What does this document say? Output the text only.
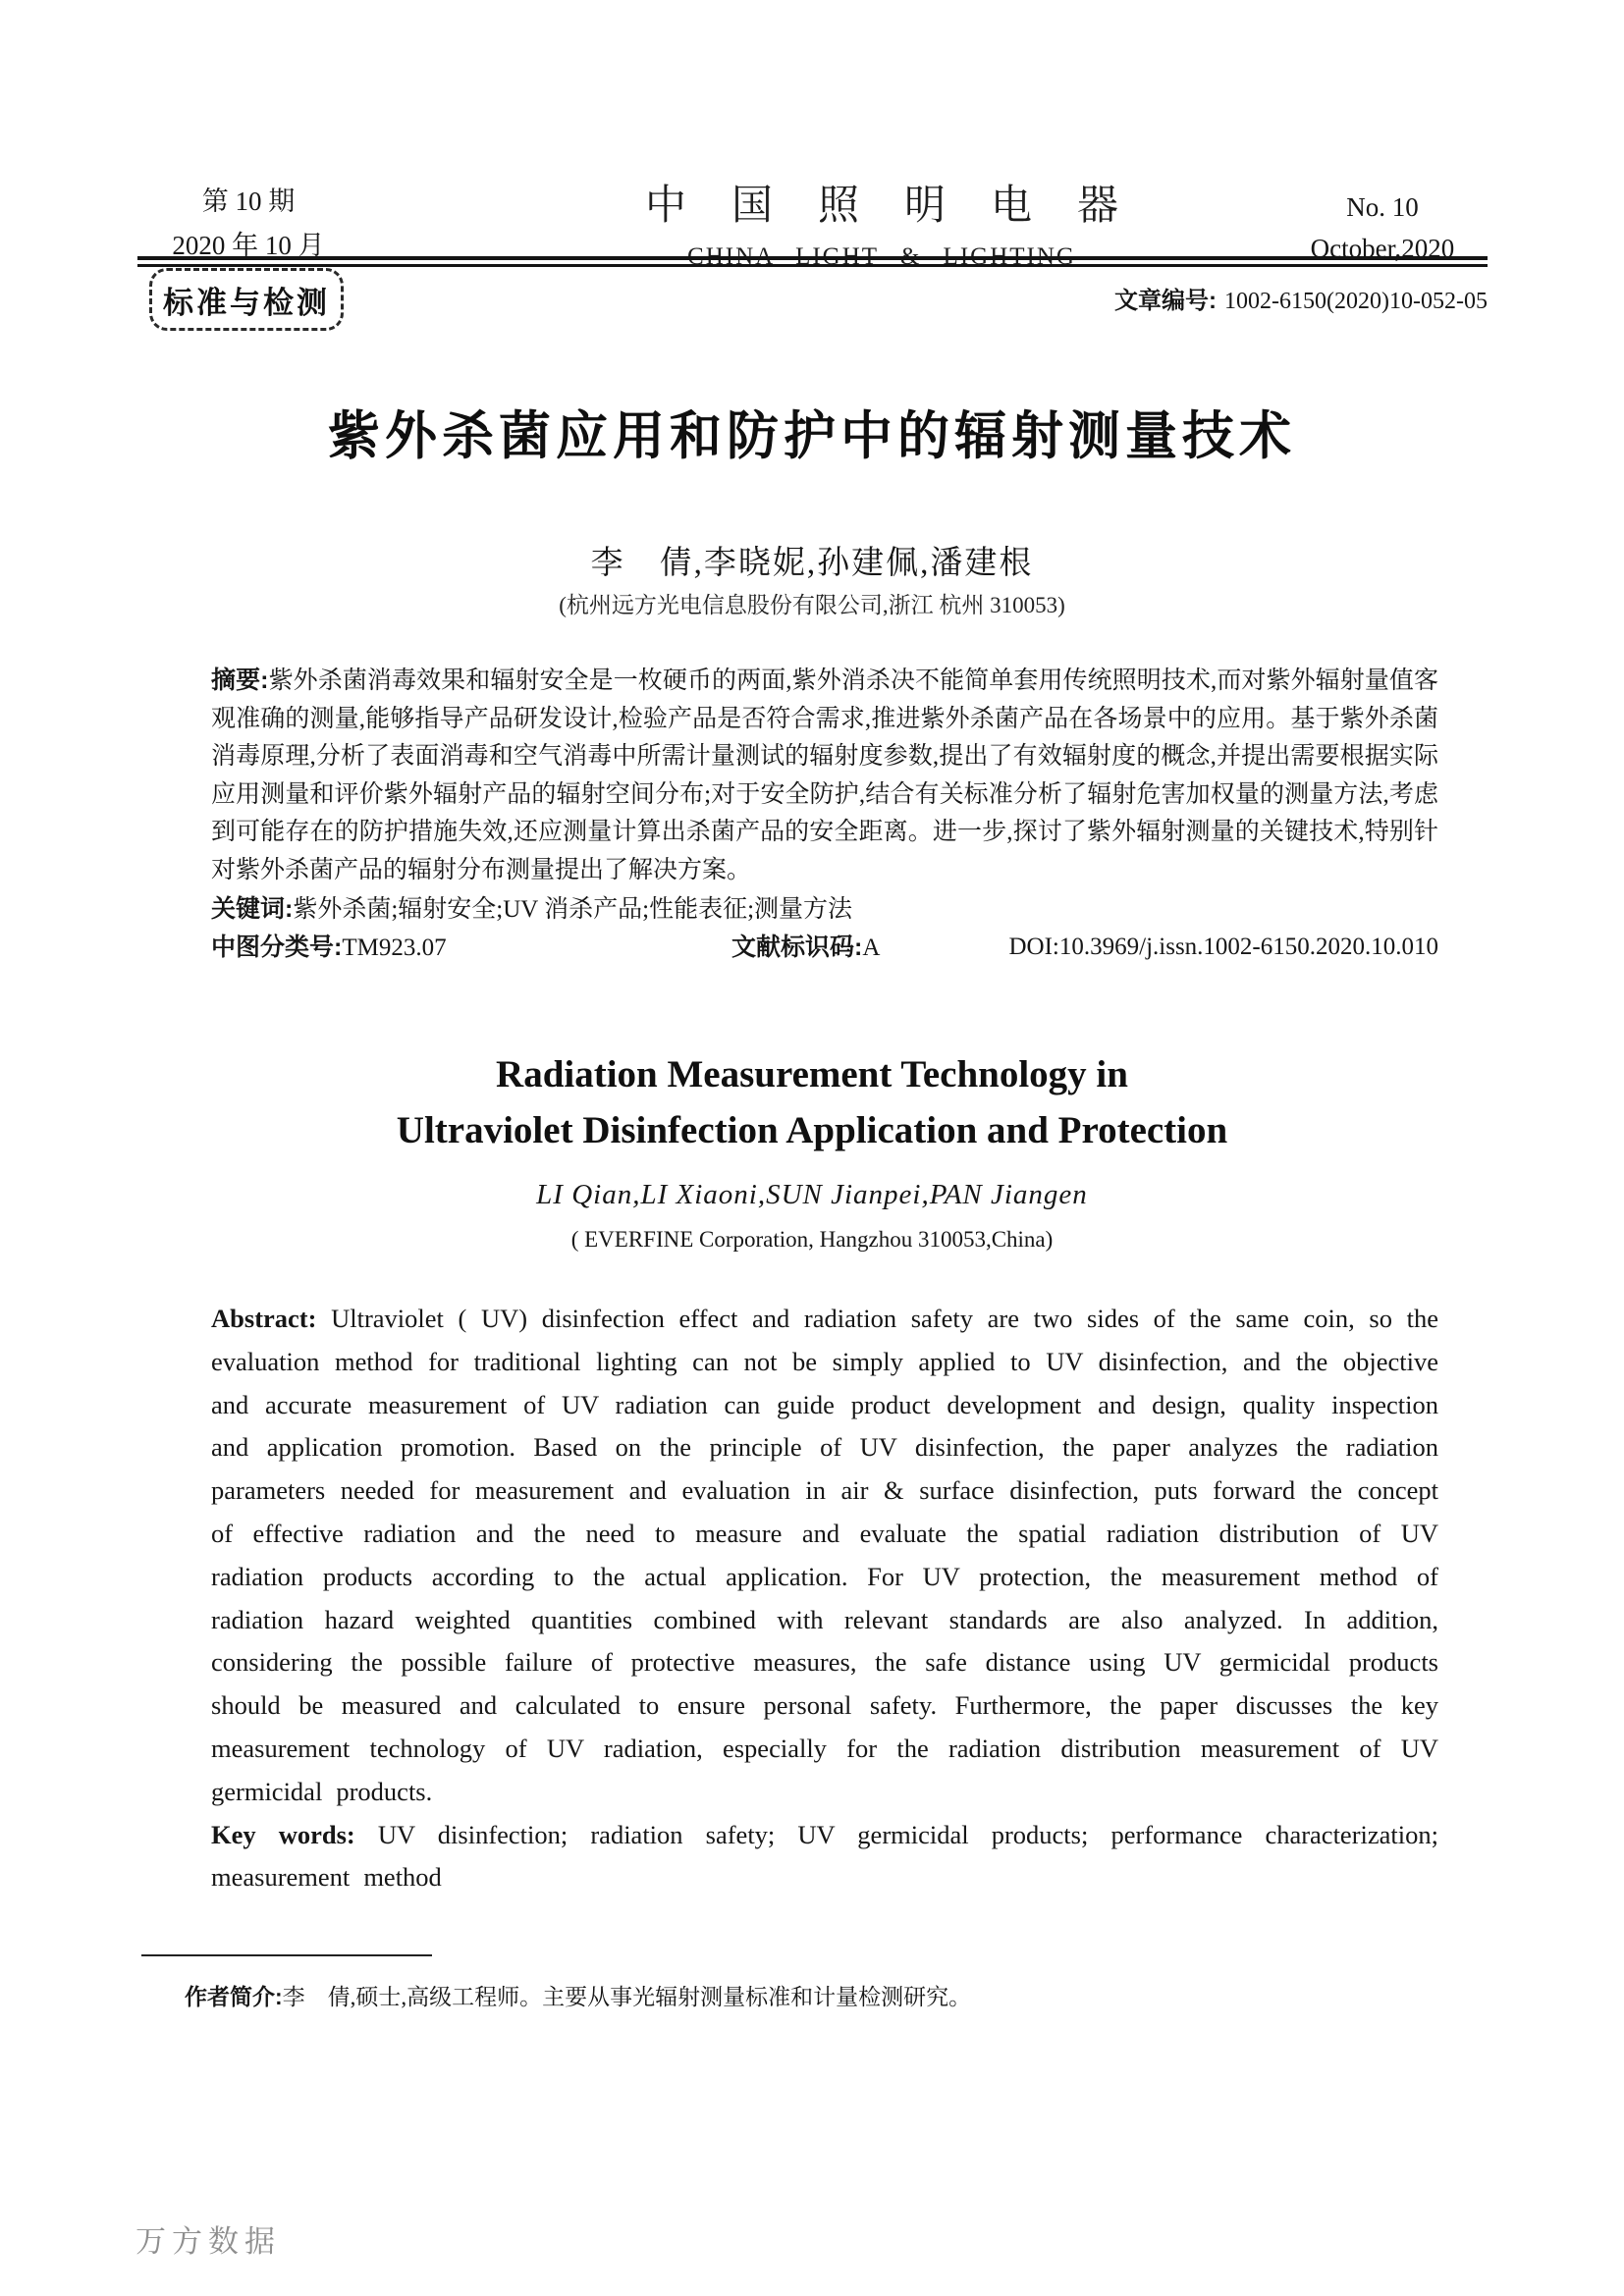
第 10 期
2020 年 10 月
中国照明电器
CHINA LIGHT & LIGHTING
No. 10
October,2020
标准与检测	文章编号: 1002-6150(2020)10-052-05
紫外杀菌应用和防护中的辐射测量技术
李　倩,李晓妮,孙建佩,潘建根
(杭州远方光电信息股份有限公司,浙江 杭州 310053)

摘要:紫外杀菌消毒效果和辐射安全是一枚硬币的两面,紫外消杀决不能简单套用传统照明技术,而对紫外辐射量值客观准确的测量,能够指导产品研发设计,检验产品是否符合需求,推进紫外杀菌产品在各场景中的应用。基于紫外杀菌消毒原理,分析了表面消毒和空气消毒中所需计量测试的辐射度参数,提出了有效辐射度的概念,并提出需要根据实际应用测量和评价紫外辐射产品的辐射空间分布;对于安全防护,结合有关标准分析了辐射危害加权量的测量方法,考虑到可能存在的防护措施失效,还应测量计算出杀菌产品的安全距离。进一步,探讨了紫外辐射测量的关键技术,特别针对紫外杀菌产品的辐射分布测量提出了解决方案。

关键词:紫外杀菌;辐射安全;UV 消杀产品;性能表征;测量方法

中图分类号:TM923.07	文献标识码:A	DOI:10.3969/j.issn.1002-6150.2020.10.010
Radiation Measurement Technology in
Ultraviolet Disinfection Application and Protection
LI Qian,LI Xiaoni,SUN Jianpei,PAN Jiangen
( EVERFINE Corporation, Hangzhou 310053,China)

Abstract: Ultraviolet ( UV) disinfection effect and radiation safety are two sides of the same coin, so the evaluation method for traditional lighting can not be simply applied to UV disinfection, and the objective and accurate measurement of UV radiation can guide product development and design, quality inspection and application promotion. Based on the principle of UV disinfection, the paper analyzes the radiation parameters needed for measurement and evaluation in air & surface disinfection, puts forward the concept of effective radiation and the need to measure and evaluate the spatial radiation distribution of UV radiation products according to the actual application. For UV protection, the measurement method of radiation hazard weighted quantities combined with relevant standards are also analyzed. In addition, considering the possible failure of protective measures, the safe distance using UV germicidal products should be measured and calculated to ensure personal safety. Furthermore, the paper discusses the key measurement technology of UV radiation, especially for the radiation distribution measurement of UV germicidal products.

Key words: UV disinfection; radiation safety; UV germicidal products; performance characterization; measurement method

作者简介:李　倩,硕士,高级工程师。主要从事光辐射测量标准和计量检测研究。
万方数据
